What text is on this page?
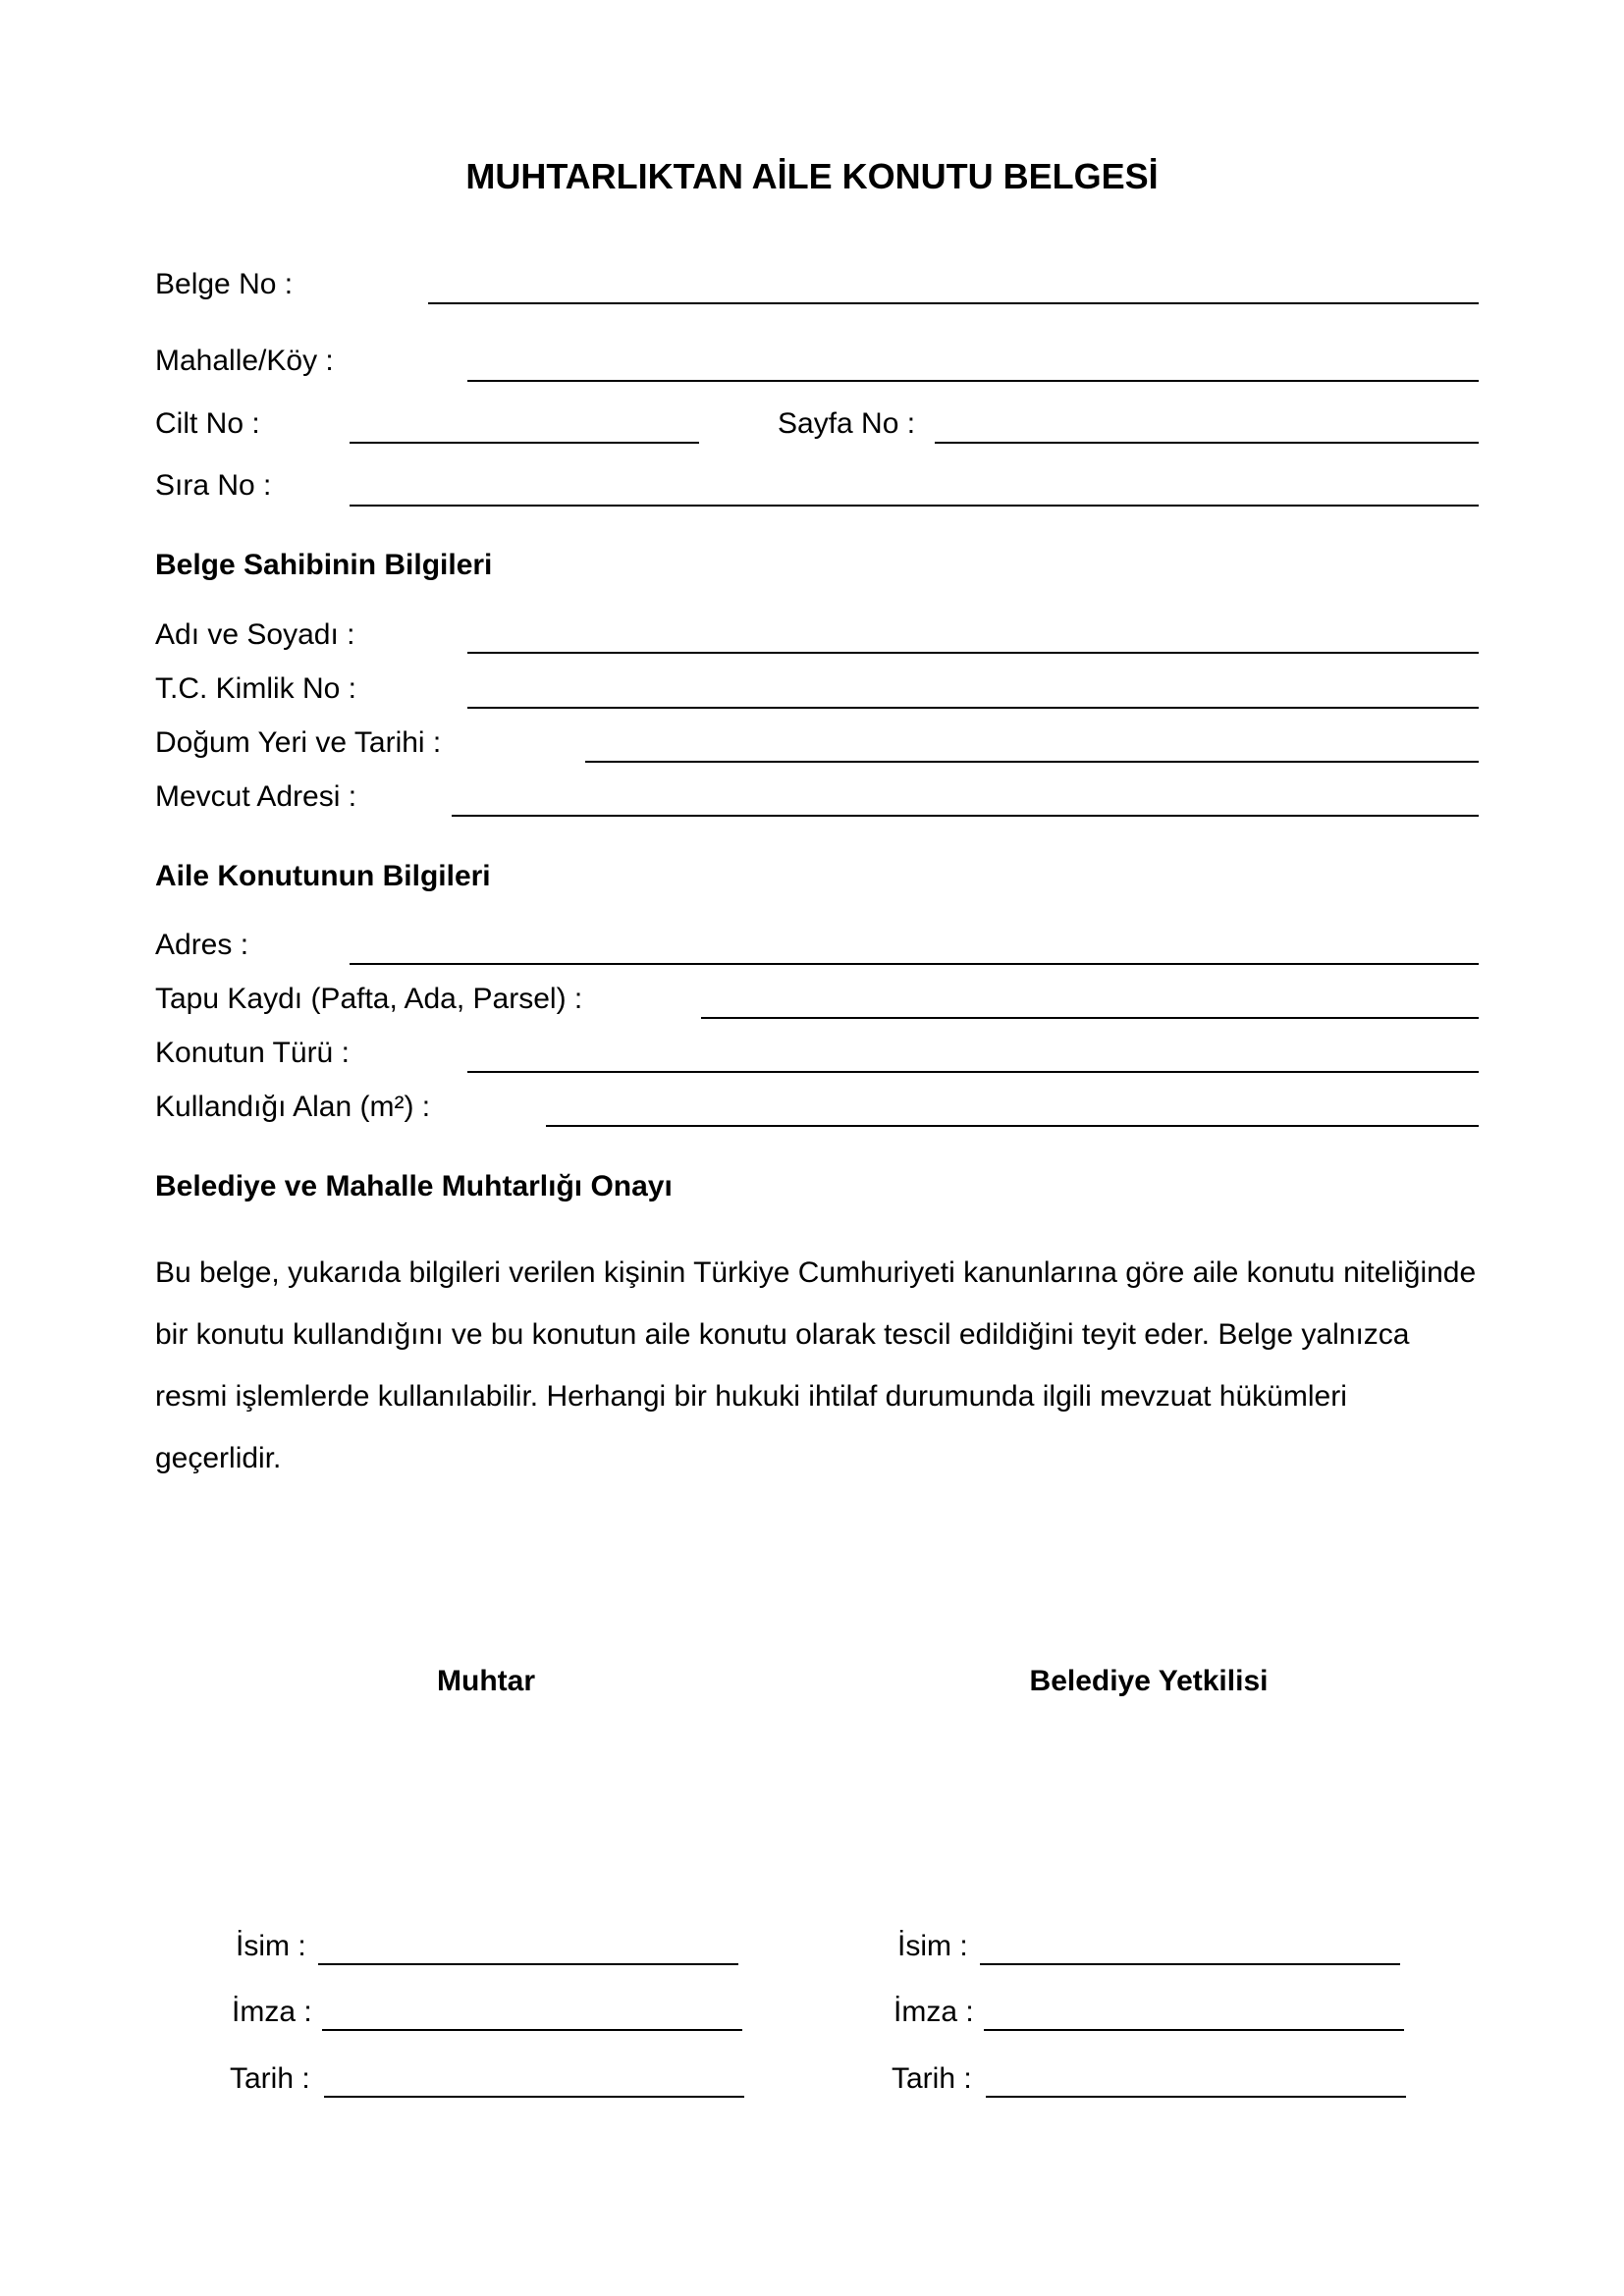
MUHTARLIKTAN AİLE KONUTU BELGESİ
Belge No :
Mahalle/Köy :
Cilt No :	Sayfa No :
Sıra No :
Belge Sahibinin Bilgileri
Adı ve Soyadı :
T.C. Kimlik No :
Doğum Yeri ve Tarihi :
Mevcut Adresi :
Aile Konutunun Bilgileri
Adres :
Tapu Kaydı (Pafta, Ada, Parsel) :
Konutun Türü :
Kullandığı Alan (m²) :
Belediye ve Mahalle Muhtarlığı Onayı

Bu belge, yukarıda bilgileri verilen kişinin Türkiye Cumhuriyeti kanunlarına göre aile konutu niteliğinde bir konutu kullandığını ve bu konutun aile konutu olarak tescil edildiğini teyit eder. Belge yalnızca resmi işlemlerde kullanılabilir. Herhangi bir hukuki ihtilaf durumunda ilgili mevzuat hükümleri geçerlidir.

Muhtar
İsim :
İmza :
Tarih :
Belediye Yetkilisi
İsim :
İmza :
Tarih :
